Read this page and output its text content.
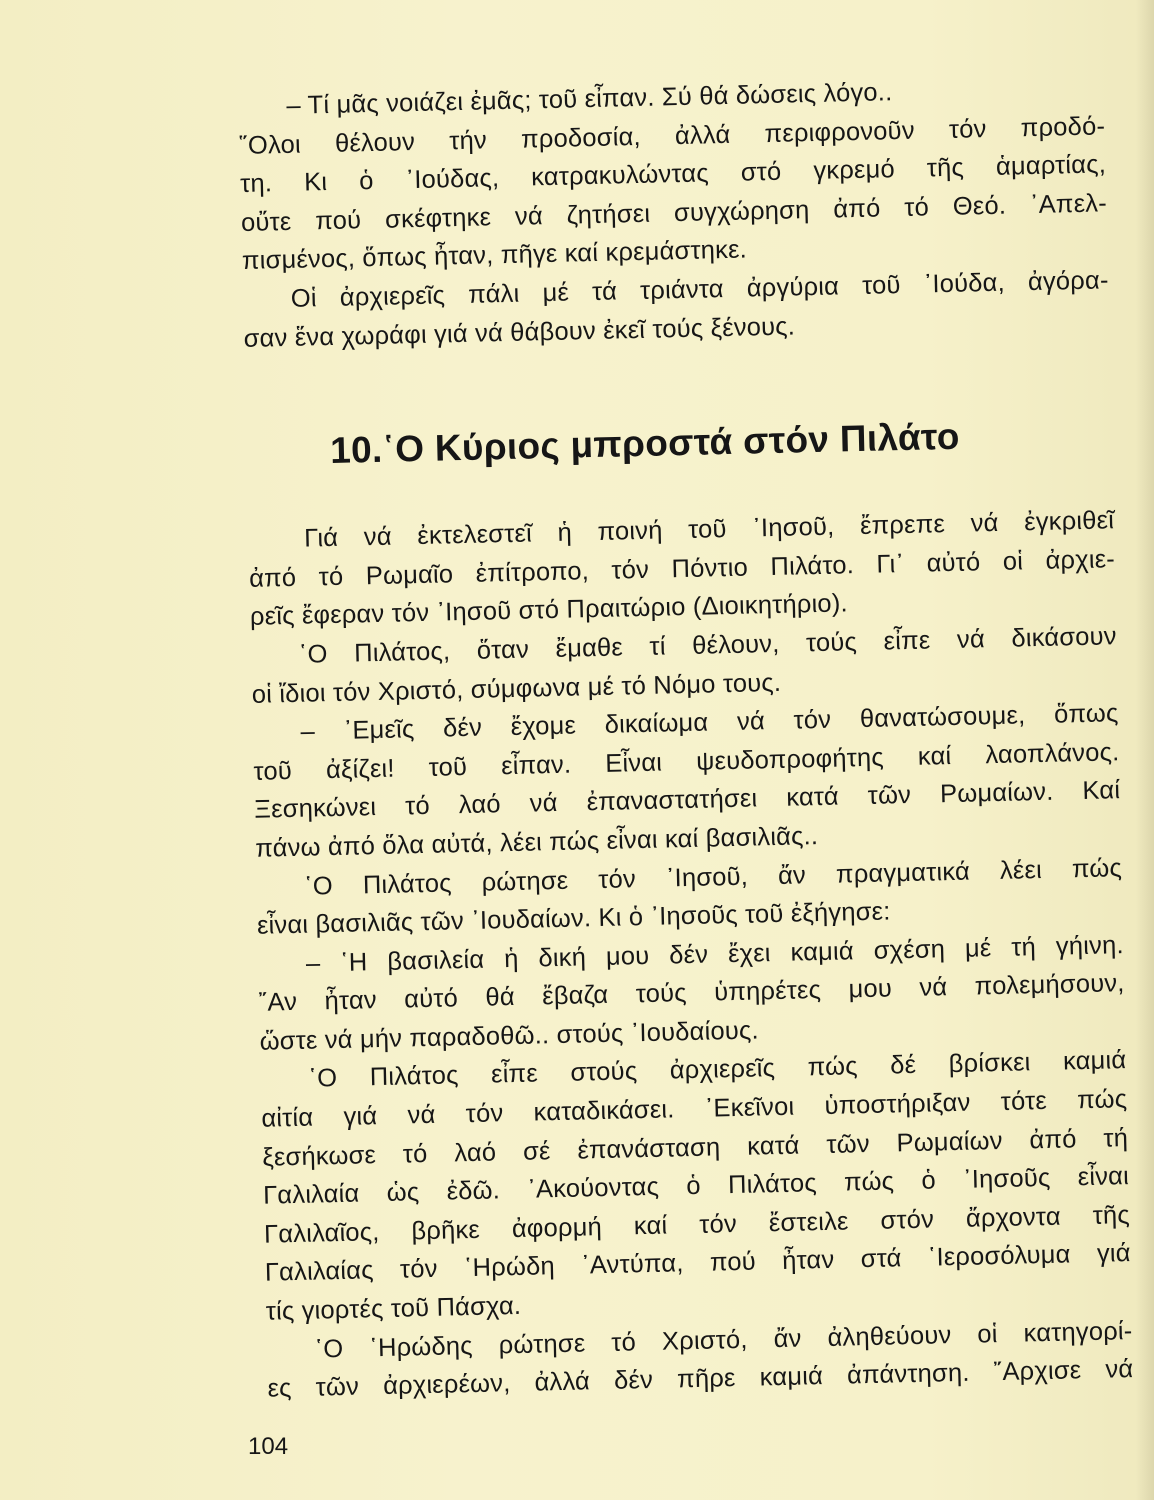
– Τί μᾶς νοιάζει ἐμᾶς; τοῦ εἶπαν. Σύ θά δώσεις λόγο..
῞Ολοι θέλουν τήν προδοσία, ἀλλά περιφρονοῦν τόν προδό-
τη. Κι ὁ ᾽Ιούδας, κατρακυλώντας στό γκρεμό τῆς ἁμαρτίας,
οὔτε πού σκέφτηκε νά ζητήσει συγχώρηση ἀπό τό Θεό. ᾽Απελ-
πισμένος, ὅπως ἦταν, πῆγε καί κρεμάστηκε.
Οἱ ἀρχιερεῖς πάλι μέ τά τριάντα ἀργύρια τοῦ ᾽Ιούδα, ἀγόρα-
σαν ἕνα χωράφι γιά νά θάβουν ἐκεῖ τούς ξένους.
10.῾Ο Κύριος μπροστά στόν Πιλάτο
Γιά νά ἐκτελεστεῖ ἡ ποινή τοῦ ᾽Ιησοῦ, ἔπρεπε νά ἐγκριθεῖ
ἀπό τό Ρωμαῖο ἐπίτροπο, τόν Πόντιο Πιλάτο. Γι᾽ αὐτό οἱ ἀρχιε-
ρεῖς ἔφεραν τόν ᾽Ιησοῦ στό Πραιτώριο (Διοικητήριο).
῾Ο Πιλάτος, ὅταν ἔμαθε τί θέλουν, τούς εἶπε νά δικάσουν
οἱ ἴδιοι τόν Χριστό, σύμφωνα μέ τό Νόμο τους.
– ᾽Εμεῖς δέν ἔχομε δικαίωμα νά τόν θανατώσουμε, ὅπως
τοῦ ἀξίζει! τοῦ εἶπαν. Εἶναι ψευδοπροφήτης καί λαοπλάνος.
Ξεσηκώνει τό λαό νά ἐπαναστατήσει κατά τῶν Ρωμαίων. Καί
πάνω ἀπό ὅλα αὐτά, λέει πώς εἶναι καί βασιλιᾶς..
῾Ο Πιλάτος ρώτησε τόν ᾽Ιησοῦ, ἄν πραγματικά λέει πώς
εἶναι βασιλιᾶς τῶν ᾽Ιουδαίων. Κι ὁ ᾽Ιησοῦς τοῦ ἐξήγησε:
– ῾Η βασιλεία ἡ δική μου δέν ἔχει καμιά σχέση μέ τή γήινη.
῎Αν ἦταν αὐτό θά ἔβαζα τούς ὑπηρέτες μου νά πολεμήσουν,
ὥστε νά μήν παραδοθῶ.. στούς ᾽Ιουδαίους.
῾Ο Πιλάτος εἶπε στούς ἀρχιερεῖς πώς δέ βρίσκει καμιά
αἰτία γιά νά τόν καταδικάσει. ᾽Εκεῖνοι ὑποστήριξαν τότε πώς
ξεσήκωσε τό λαό σέ ἐπανάσταση κατά τῶν Ρωμαίων ἀπό τή
Γαλιλαία ὡς ἐδῶ. ᾽Ακούοντας ὁ Πιλάτος πώς ὁ ᾽Ιησοῦς εἶναι
Γαλιλαῖος, βρῆκε ἀφορμή καί τόν ἔστειλε στόν ἄρχοντα τῆς
Γαλιλαίας τόν ῾Ηρώδη ᾽Αντύπα, πού ἦταν στά ῾Ιεροσόλυμα γιά
τίς γιορτές τοῦ Πάσχα.
῾Ο ῾Ηρώδης ρώτησε τό Χριστό, ἄν ἀληθεύουν οἱ κατηγορί-
ες τῶν ἀρχιερέων, ἀλλά δέν πῆρε καμιά ἀπάντηση. ῎Αρχισε νά
104
